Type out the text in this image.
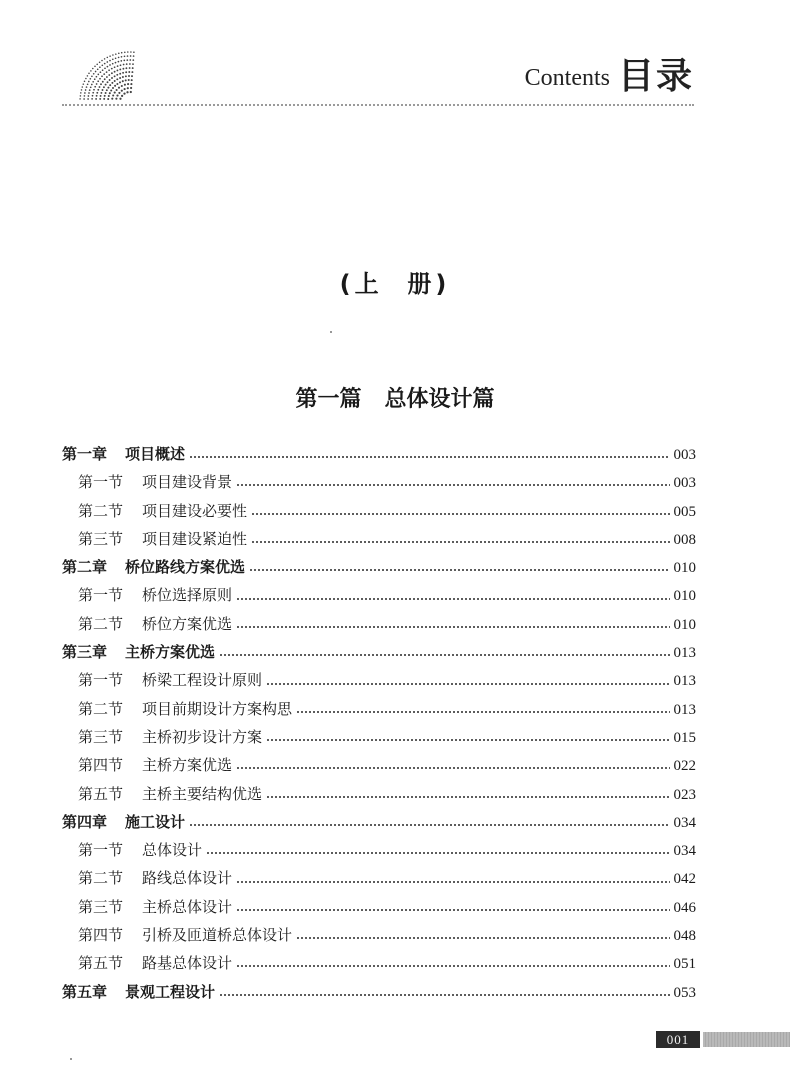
Contents 目录
(上  册)
第一篇   总体设计篇
第一章	项目概述	003
第一节	项目建设背景	003
第二节	项目建设必要性	005
第三节	项目建设紧迫性	008
第二章	桥位路线方案优选	010
第一节	桥位选择原则	010
第二节	桥位方案优选	010
第三章	主桥方案优选	013
第一节	桥梁工程设计原则	013
第二节	项目前期设计方案构思	013
第三节	主桥初步设计方案	015
第四节	主桥方案优选	022
第五节	主桥主要结构优选	023
第四章	施工设计	034
第一节	总体设计	034
第二节	路线总体设计	042
第三节	主桥总体设计	046
第四节	引桥及匝道桥总体设计	048
第五节	路基总体设计	051
第五章	景观工程设计	053
001
